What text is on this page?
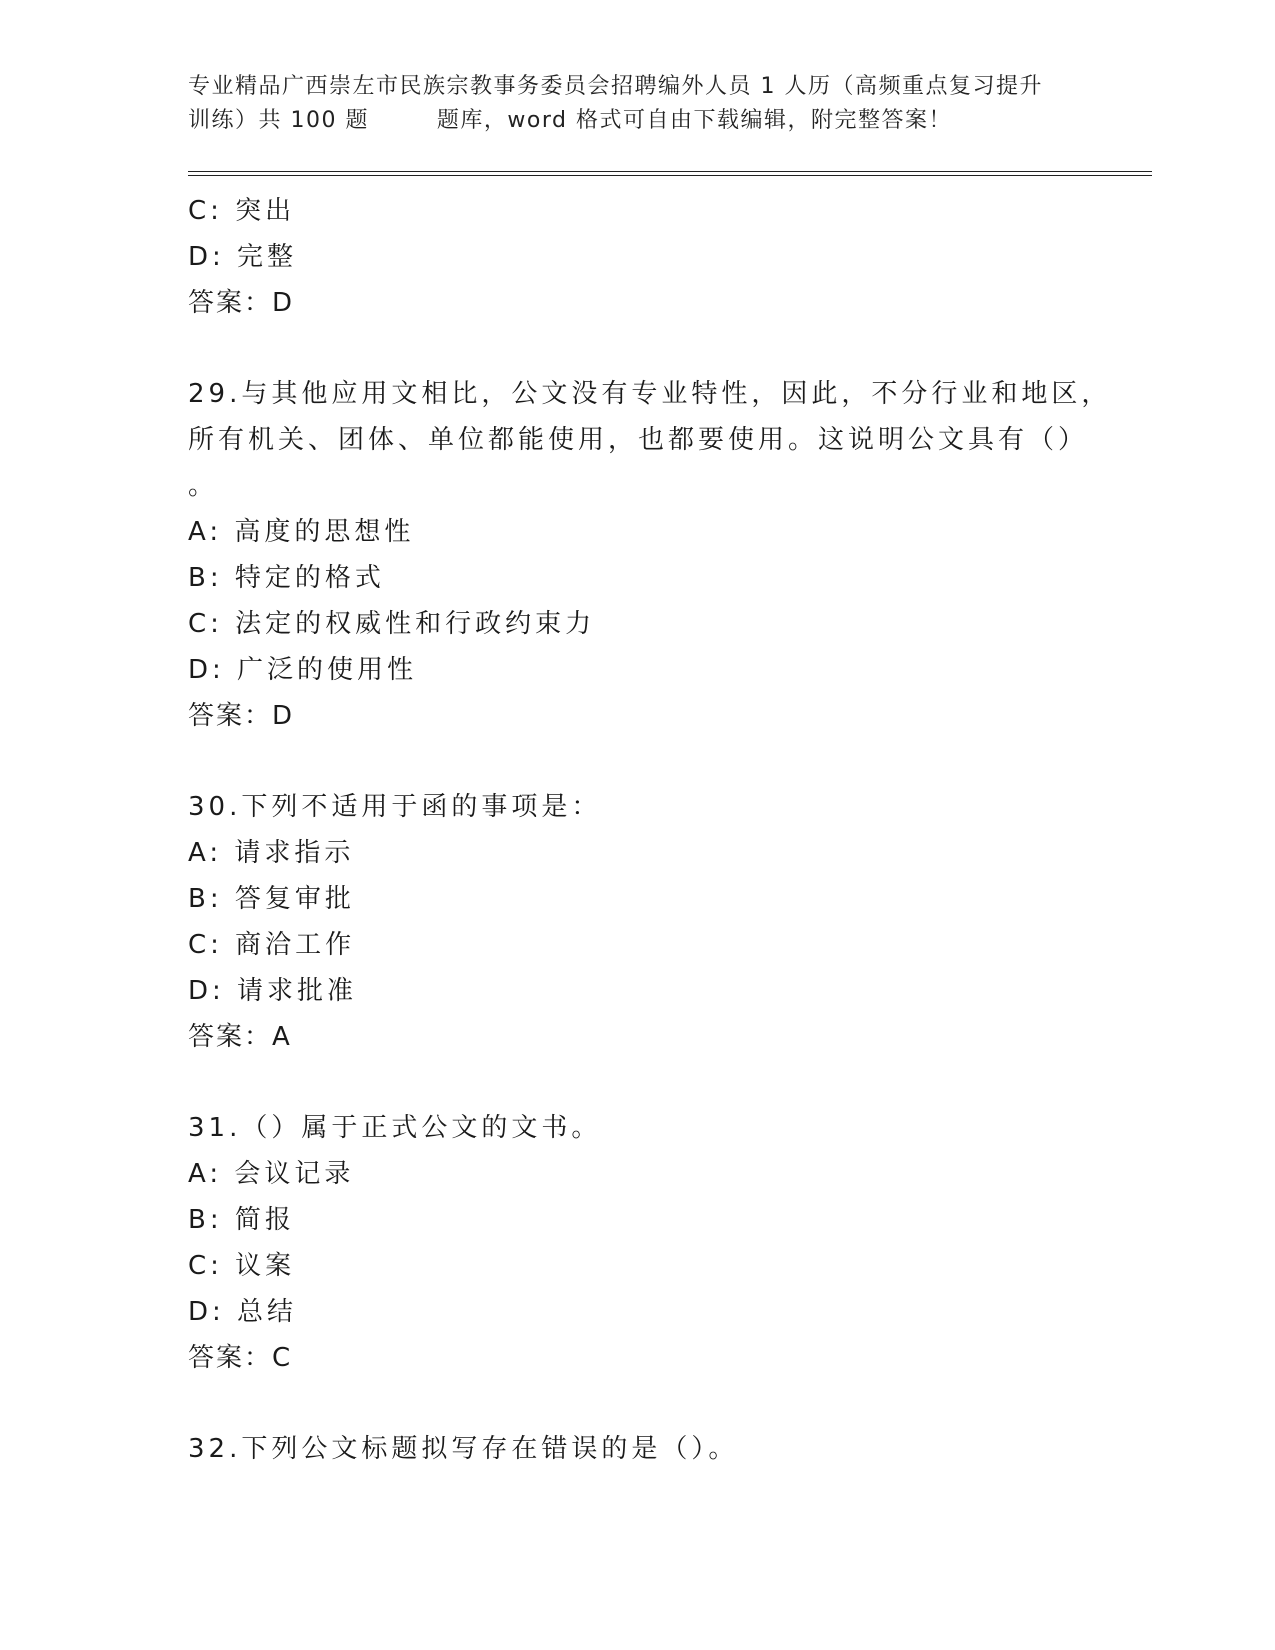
专业精品广西崇左市民族宗教事务委员会招聘编外人员 1 人历（高频重点复习提升
训练）共 100 题        题库，word 格式可自由下载编辑，附完整答案！
C: 突出
D: 完整
答案：D
29.与其他应用文相比，公文没有专业特性，因此，不分行业和地区，
所有机关、团体、单位都能使用，也都要使用。这说明公文具有（）
。
A: 高度的思想性
B: 特定的格式
C: 法定的权威性和行政约束力
D: 广泛的使用性
答案：D
30.下列不适用于函的事项是：
A: 请求指示
B: 答复审批
C: 商洽工作
D: 请求批准
答案：A
31.（）属于正式公文的文书。
A: 会议记录
B: 简报
C: 议案
D: 总结
答案：C
32.下列公文标题拟写存在错误的是（）。
